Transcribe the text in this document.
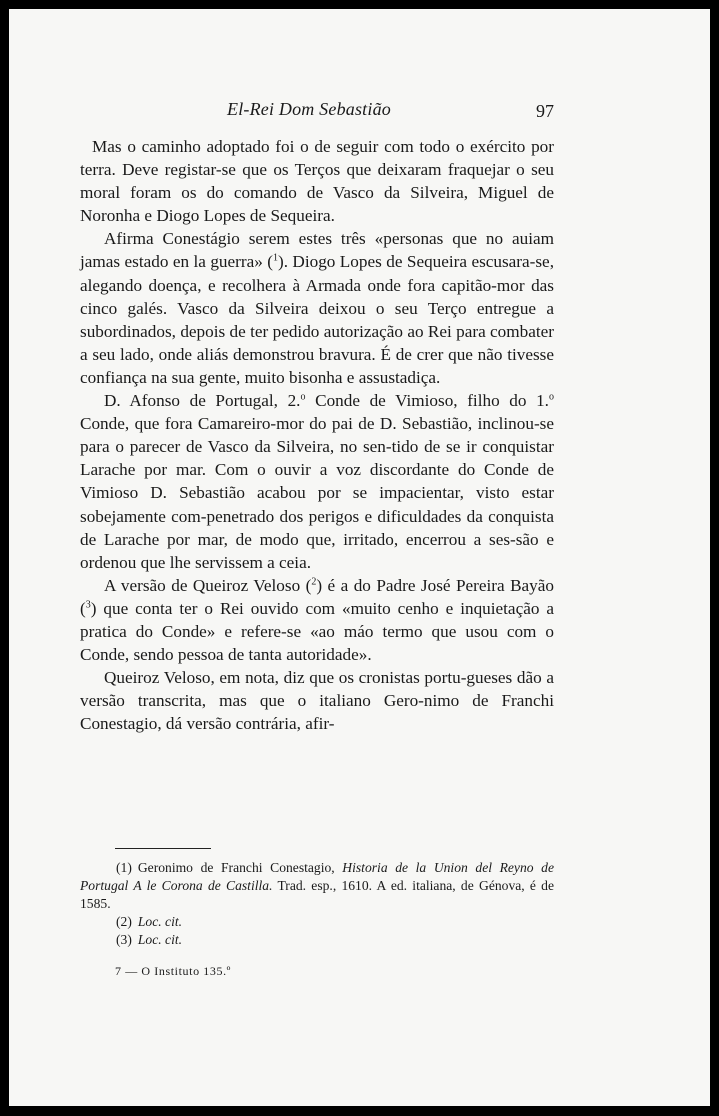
El-Rei Dom Sebastião	97

Mas o caminho adoptado foi o de seguir com todo o exército por terra. Deve registar-se que os Terços que deixaram fraquejar o seu moral foram os do comando de Vasco da Silveira, Miguel de Noronha e Diogo Lopes de Sequeira.

Afirma Conestágio serem estes três «personas que no auiam jamas estado en la guerra» ($^1$). Diogo Lopes de Sequeira escusara-se, alegando doença, e recolhera à Armada onde fora capitão-mor das cinco galés. Vasco da Silveira deixou o seu Terço entregue a subordinados, depois de ter pedido autorização ao Rei para combater a seu lado, onde aliás demonstrou bravura. É de crer que não tivesse confiança na sua gente, muito bisonha e assustadiça.

D. Afonso de Portugal, 2.$^o$ Conde de Vimioso, filho do 1.$^o$ Conde, que fora Camareiro-mor do pai de D. Sebastião, inclinou-se para o parecer de Vasco da Silveira, no sen-tido de se ir conquistar Larache por mar. Com o ouvir a voz discordante do Conde de Vimioso D. Sebastião acabou por se impacientar, visto estar sobejamente com-penetrado dos perigos e dificuldades da conquista de Larache por mar, de modo que, irritado, encerrou a ses-são e ordenou que lhe servissem a ceia.

A versão de Queiroz Veloso ($^2$) é a do Padre José Pereira Bayão ($^3$) que conta ter o Rei ouvido com «muito cenho e inquietação a pratica do Conde» e refere-se «ao máo termo que usou com o Conde, sendo pessoa de tanta autoridade».

Queiroz Veloso, em nota, diz que os cronistas portu-gueses dão a versão transcrita, mas que o italiano Gero-nimo de Franchi Conestagio, dá versão contrária, afir-

(1) Geronimo de Franchi Conestagio, Historia de la Union del Reyno de Portugal A le Corona de Castilla. Trad. esp., 1610. A ed. italiana, de Génova, é de 1585.

(2) Loc. cit.

(3) Loc. cit.

7 — O Instituto 135.º
